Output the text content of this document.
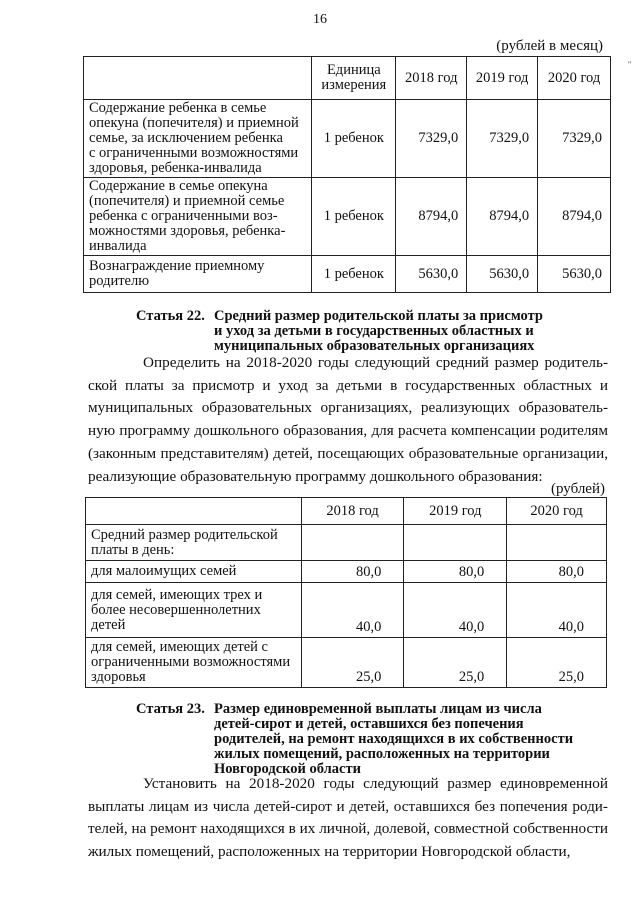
16
"
(рублей в месяц)
	Единица
измерения	2018 год	2019 год	2020 год
Содержание ребенка в семье
опекуна (попечителя) и приемной
семье, за исключением ребенка
с ограниченными возможностями
здоровья, ребенка-инвалида	1 ребенок	7329,0	7329,0	7329,0
Содержание в семье опекуна
(попечителя) и приемной семье
ребенка с ограниченными воз-
можностями здоровья, ребенка-
инвалида	1 ребенок	8794,0	8794,0	8794,0
Вознаграждение приемному
родителю	1 ребенок	5630,0	5630,0	5630,0
Статья 22. Средний размер родительской платы за присмотр
и уход за детьми в государственных областных и
муниципальных образовательных организациях
Определить на 2018-2020 годы следующий средний размер родитель-ской платы за присмотр и уход за детьми в государственных областных и муниципальных образовательных организациях, реализующих образователь-ную программу дошкольного образования, для расчета компенсации родителям (законным представителям) детей, посещающих образовательные организации, реализующие образовательную программу дошкольного образования:
(рублей)
	2018 год	2019 год	2020 год
Средний размер родительской
платы в день:			
для малоимущих семей	80,0	80,0	80,0
для семей, имеющих трех и
более несовершеннолетних
детей	40,0	40,0	40,0
для семей, имеющих детей с
ограниченными возможностями
здоровья	25,0	25,0	25,0
Статья 23. Размер единовременной выплаты лицам из числа
детей-сирот и детей, оставшихся без попечения
родителей, на ремонт находящихся в их собственности
жилых помещений, расположенных на территории
Новгородской области
Установить на 2018-2020 годы следующий размер единовременной выплаты лицам из числа детей-сирот и детей, оставшихся без попечения роди-телей, на ремонт находящихся в их личной, долевой, совместной собственности жилых помещений, расположенных на территории Новгородской области,
